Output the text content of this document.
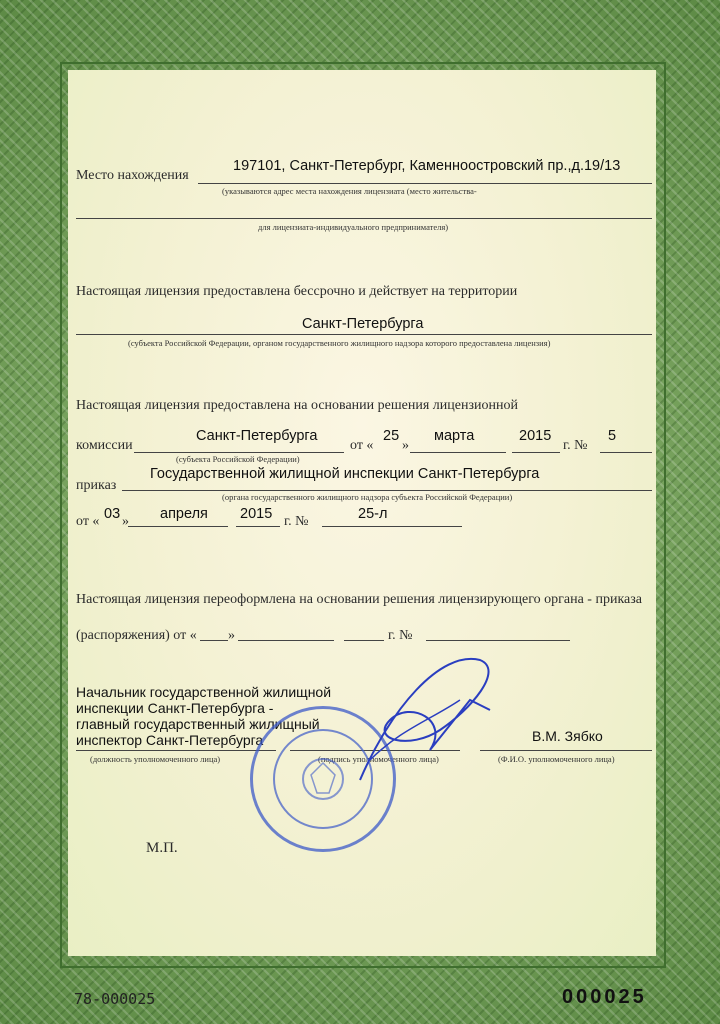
Место нахождения
197101, Санкт-Петербург, Каменноостровский пр.,д.19/13
(указываются адрес места нахождения лицензиата (место жительства-
для лицензиата-индивидуального предпринимателя)
Настоящая лицензия предоставлена бессрочно и действует на территории
Санкт-Петербурга
(субъекта Российской Федерации, органом государственного жилищного надзора которого предоставлена лицензия)
Настоящая лицензия предоставлена на основании решения лицензионной
комиссии
Санкт-Петербурга
(субъекта Российской Федерации)
от «
25
»
марта	2015
г. №
5
приказ
Государственной жилищной инспекции Санкт-Петербурга
(органа государственного жилищного надзора субъекта Российской Федерации)
от « 03 » апреля 2015 г. №	25-л
Настоящая лицензия переоформлена на основании решения лицензирующего органа - приказа
(распоряжения) от « »	г. №
Начальник государственной жилищной
инспекции Санкт-Петербурга -
главный государственный жилищный
инспектор Санкт-Петербурга
(должность уполномоченного лица)	(подпись уполномоченного лица)
В.М. Зябко
(Ф.И.О. уполномоченного лица)
М.П.
78-000025	000025
